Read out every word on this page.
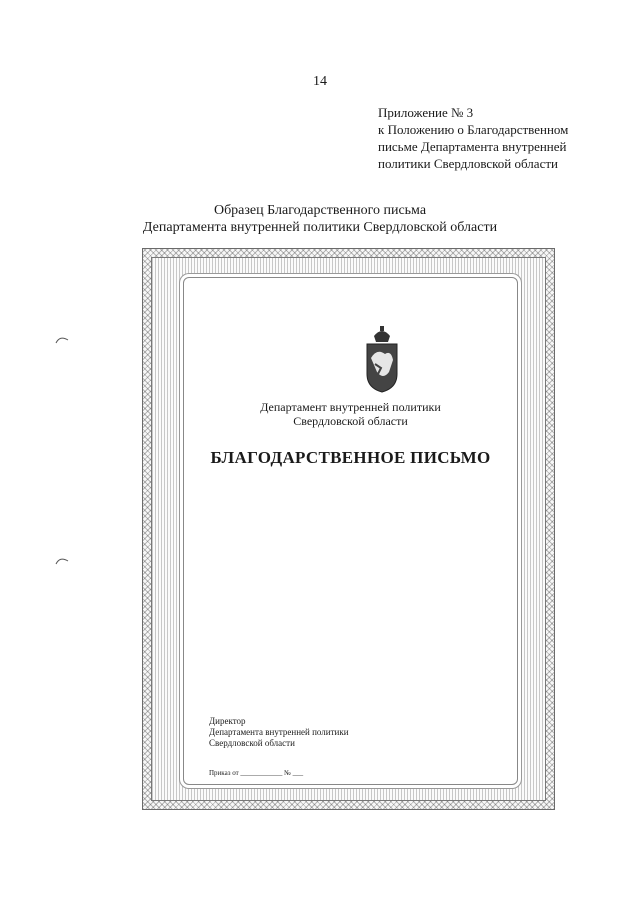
14
Приложение № 3
к Положению о Благодарственном
письме Департамента внутренней
политики Свердловской области
Образец Благодарственного письма
Департамента внутренней политики Свердловской области
Департамент внутренней политики
Свердловской области
БЛАГОДАРСТВЕННОЕ ПИСЬМО
Директор
Департамента внутренней политики
Свердловской области
Приказ от ____________ № ___
